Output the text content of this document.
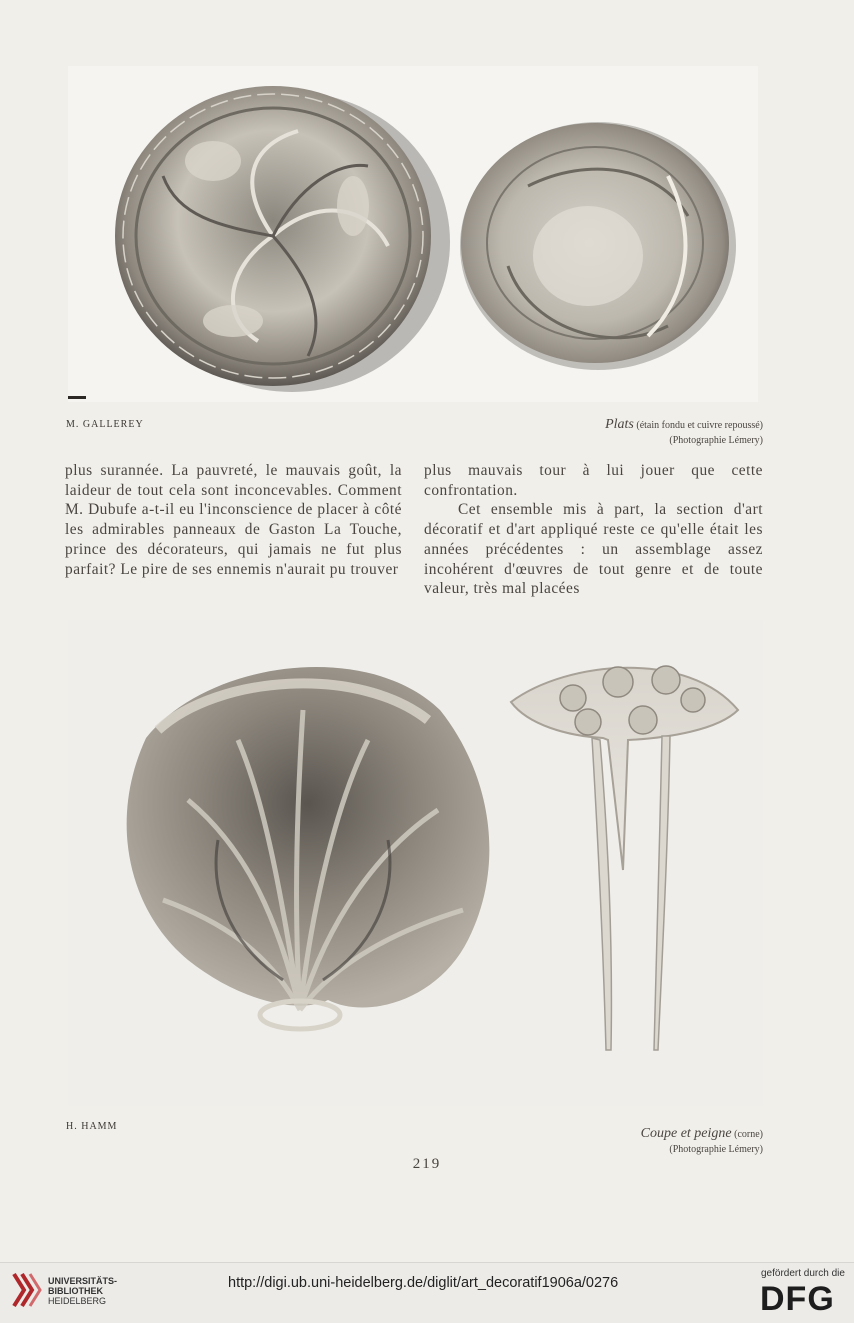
M. GALLEREY	Plats (étain fondu et cuivre repoussé)
(Photographie Lémery)

plus surannée. La pauvreté, le mauvais goût, la laideur de tout cela sont inconcevables. Comment M. Dubufe a-t-il eu l'inconscience de placer à côté les admirables panneaux de Gaston La Touche, prince des décorateurs, qui jamais ne fut plus parfait? Le pire de ses ennemis n'aurait pu trouver

plus mauvais tour à lui jouer que cette confrontation.

Cet ensemble mis à part, la section d'art décoratif et d'art appliqué reste ce qu'elle était les années précédentes : un assemblage assez incohérent d'œuvres de tout genre et de toute valeur, très mal placées

H. HAMM	Coupe et peigne (corne)
(Photographie Lémery)
219
UNIVERSITÄTS-
BIBLIOTHEK
HEIDELBERG
http://digi.ub.uni-heidelberg.de/diglit/art_decoratif1906a/0276
gefördert durch die
DFG
